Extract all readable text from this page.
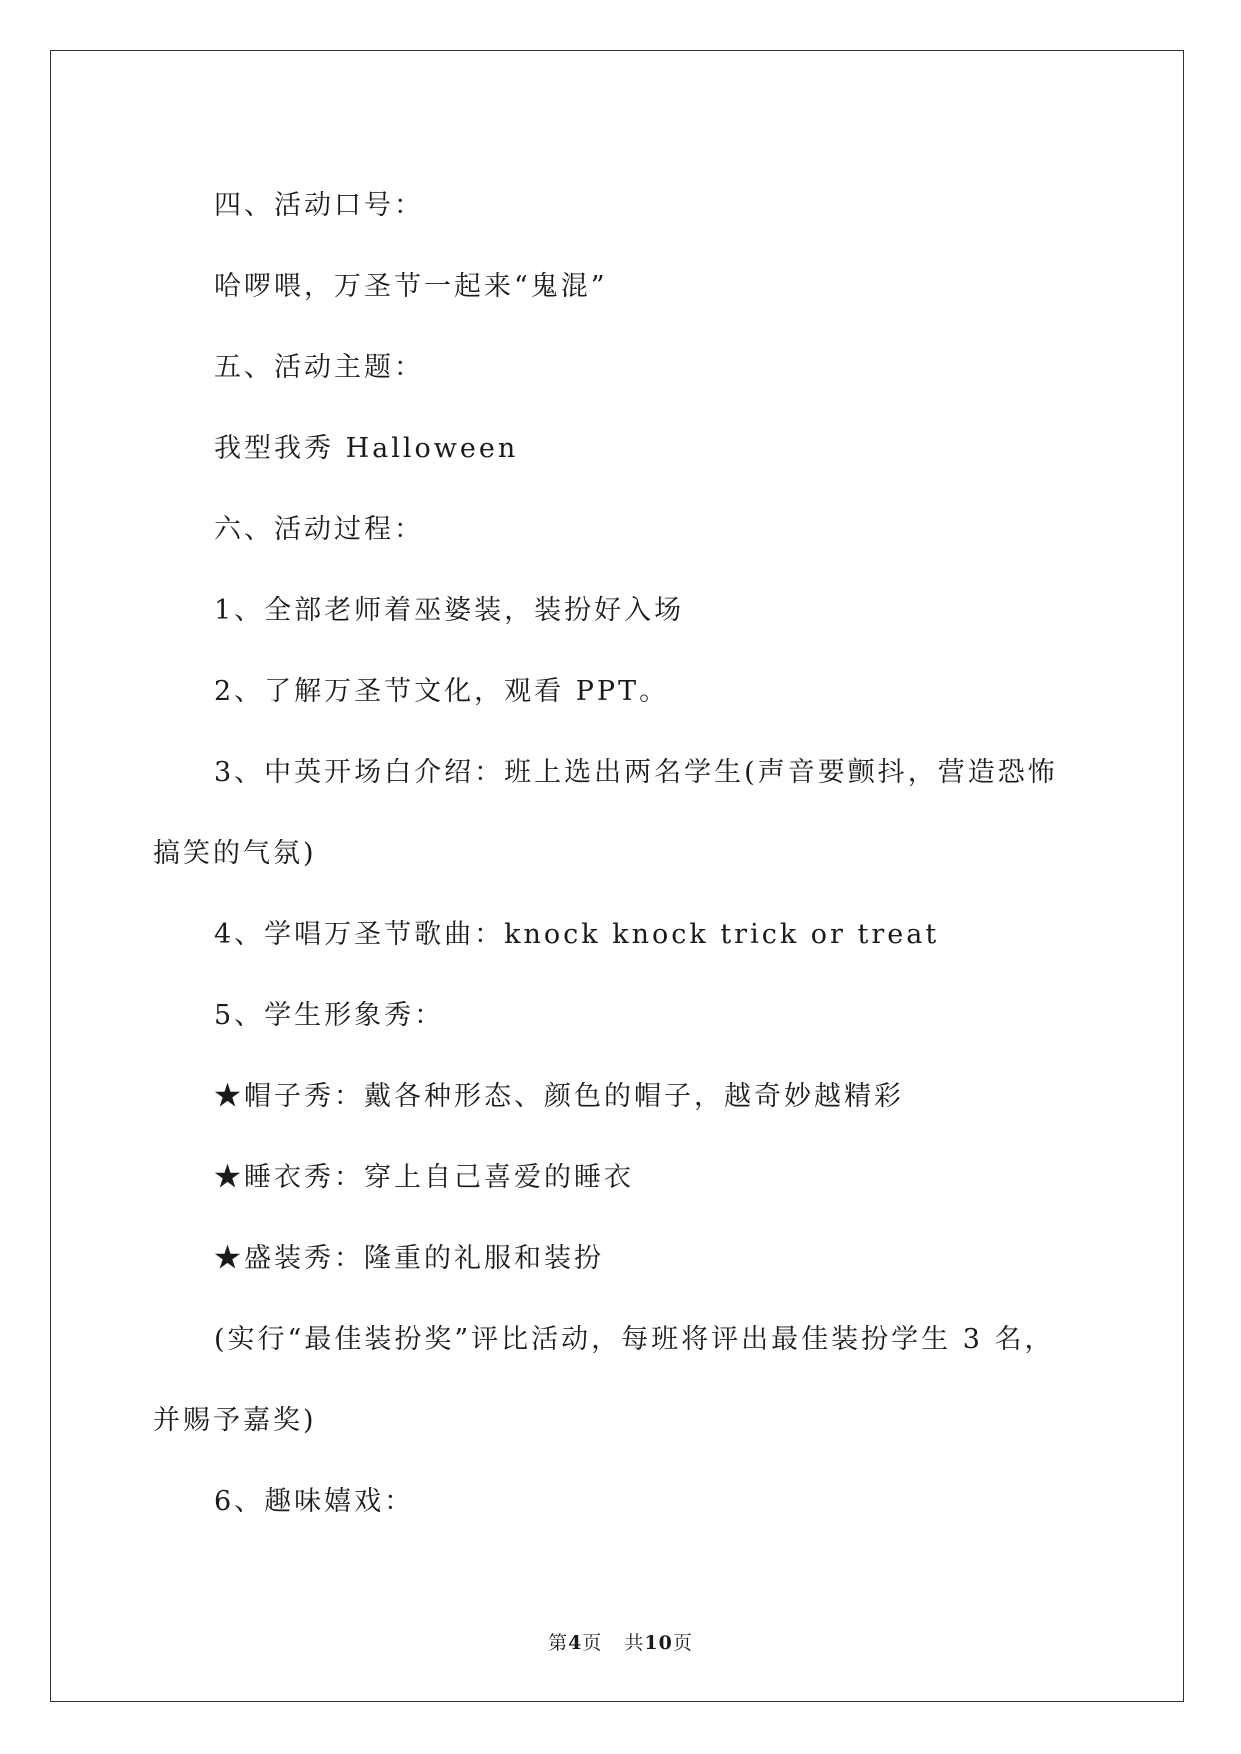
四、活动口号：

哈啰喂，万圣节一起来“鬼混”

五、活动主题：

我型我秀 Halloween

六、活动过程：

1、全部老师着巫婆装，装扮好入场

2、了解万圣节文化，观看 PPT。

3、中英开场白介绍：班上选出两名学生(声音要颤抖，营造恐怖

搞笑的气氛)

4、学唱万圣节歌曲：knock knock trick or treat

5、学生形象秀：

★帽子秀：戴各种形态、颜色的帽子，越奇妙越精彩

★睡衣秀：穿上自己喜爱的睡衣

★盛装秀：隆重的礼服和装扮

(实行“最佳装扮奖”评比活动，每班将评出最佳装扮学生 3 名，

并赐予嘉奖)

6、趣味嬉戏：

第4页 共10页
